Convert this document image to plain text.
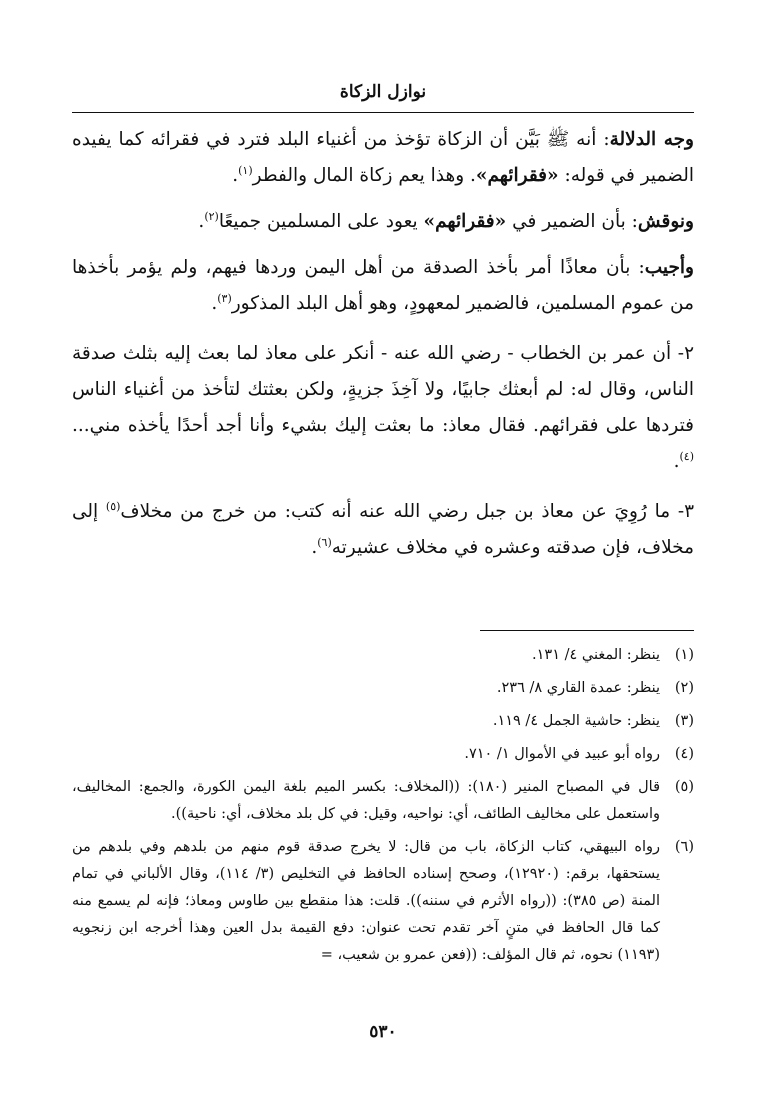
نوازل الزكاة

وجه الدلالة: أنه ﷺ بَيَّن أن الزكاة تؤخذ من أغنياء البلد فترد في فقرائه كما يفيده الضمير في قوله: «فقرائهم». وهذا يعم زكاة المال والفطر$^{(١)}$.

ونوقش: بأن الضمير في «فقرائهم» يعود على المسلمين جميعًا$^{(٢)}$.

وأجيب: بأن معاذًا أمر بأخذ الصدقة من أهل اليمن وردها فيهم، ولم يؤمر بأخذها من عموم المسلمين، فالضمير لمعهودٍ، وهو أهل البلد المذكور$^{(٣)}$.

٢- أن عمر بن الخطاب - رضي الله عنه - أنكر على معاذ لما بعث إليه بثلث صدقة الناس، وقال له: لم أبعثك جابيًا، ولا آخِذَ جزيةٍ، ولكن بعثتك لتأخذ من أغنياء الناس فتردها على فقرائهم. فقال معاذ: ما بعثت إليك بشيء وأنا أجد أحدًا يأخذه مني...$^{(٤)}$.

٣- ما رُوِيَ عن معاذ بن جبل رضي الله عنه أنه كتب: من خرج من مخلاف$^{(٥)}$ إلى مخلاف، فإن صدقته وعشره في مخلاف عشيرته$^{(٦)}$.

(١)
ينظر: المغني ٤/ ١٣١.
(٢)
ينظر: عمدة القاري ٨/ ٢٣٦.
(٣)
ينظر: حاشية الجمل ٤/ ١١٩.
(٤)
رواه أبو عبيد في الأموال ١/ ٧١٠.
(٥)
قال في المصباح المنير (١٨٠): ((المخلاف: بكسر الميم بلغة اليمن الكورة، والجمع: المخاليف، واستعمل على مخاليف الطائف، أي: نواحيه، وقيل: في كل بلد مخلاف، أي: ناحية)).
(٦)
رواه البيهقي، كتاب الزكاة، باب من قال: لا يخرج صدقة قوم منهم من بلدهم وفي بلدهم من يستحقها، برقم: (١٢٩٢٠)، وصحح إسناده الحافظ في التخليص (٣/ ١١٤)، وقال الألباني في تمام المنة (ص ٣٨٥): ((رواه الأثرم في سننه)). قلت: هذا منقطع بين طاوس ومعاذ؛ فإنه لم يسمع منه كما قال الحافظ في متنٍ آخر تقدم تحت عنوان: دفع القيمة بدل العين وهذا أخرجه ابن زنجويه (١١٩٣) نحوه، ثم قال المؤلف: ((فعن عمرو بن شعيب، =
٥٣٠
